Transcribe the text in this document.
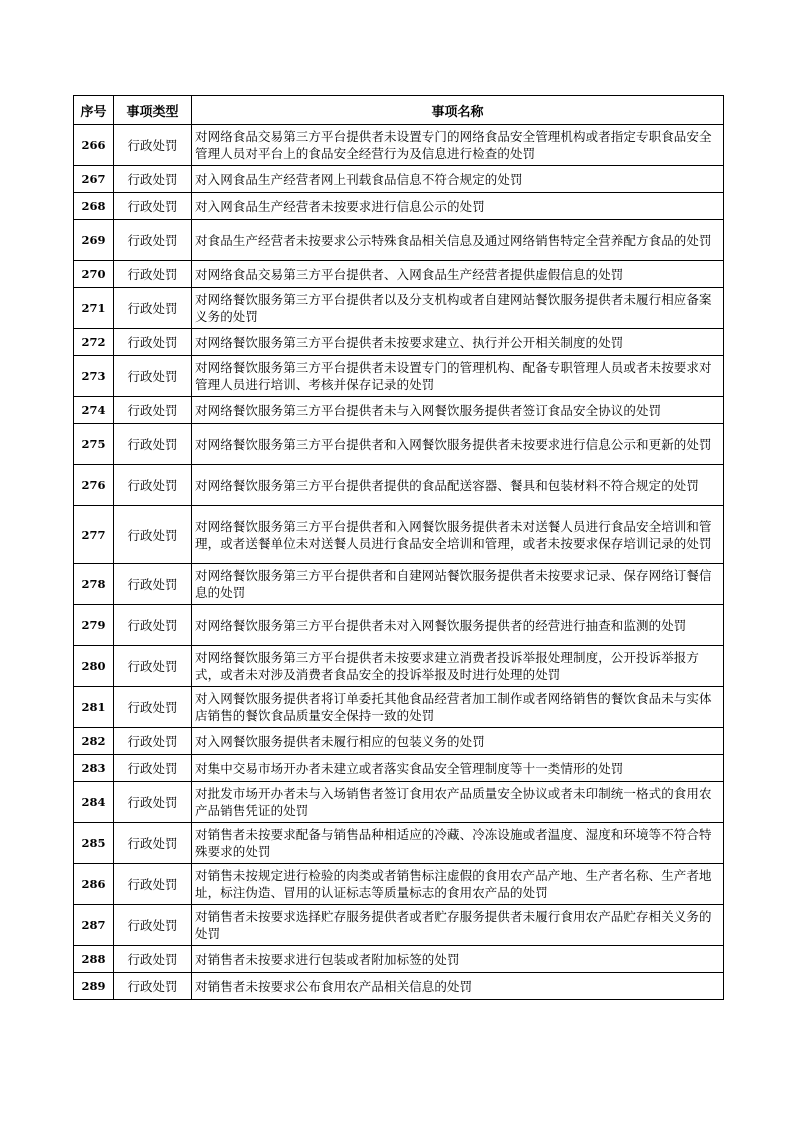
序号	事项类型	事项名称
266	行政处罚	对网络食品交易第三方平台提供者未设置专门的网络食品安全管理机构或者指定专职食品安全管理人员对平台上的食品安全经营行为及信息进行检查的处罚
267	行政处罚	对入网食品生产经营者网上刊载食品信息不符合规定的处罚
268	行政处罚	对入网食品生产经营者未按要求进行信息公示的处罚
269	行政处罚	对食品生产经营者未按要求公示特殊食品相关信息及通过网络销售特定全营养配方食品的处罚
270	行政处罚	对网络食品交易第三方平台提供者、入网食品生产经营者提供虚假信息的处罚
271	行政处罚	对网络餐饮服务第三方平台提供者以及分支机构或者自建网站餐饮服务提供者未履行相应备案义务的处罚
272	行政处罚	对网络餐饮服务第三方平台提供者未按要求建立、执行并公开相关制度的处罚
273	行政处罚	对网络餐饮服务第三方平台提供者未设置专门的管理机构、配备专职管理人员或者未按要求对管理人员进行培训、考核并保存记录的处罚
274	行政处罚	对网络餐饮服务第三方平台提供者未与入网餐饮服务提供者签订食品安全协议的处罚
275	行政处罚	对网络餐饮服务第三方平台提供者和入网餐饮服务提供者未按要求进行信息公示和更新的处罚
276	行政处罚	对网络餐饮服务第三方平台提供者提供的食品配送容器、餐具和包装材料不符合规定的处罚
277	行政处罚	对网络餐饮服务第三方平台提供者和入网餐饮服务提供者未对送餐人员进行食品安全培训和管理，或者送餐单位未对送餐人员进行食品安全培训和管理，或者未按要求保存培训记录的处罚
278	行政处罚	对网络餐饮服务第三方平台提供者和自建网站餐饮服务提供者未按要求记录、保存网络订餐信息的处罚
279	行政处罚	对网络餐饮服务第三方平台提供者未对入网餐饮服务提供者的经营进行抽查和监测的处罚
280	行政处罚	对网络餐饮服务第三方平台提供者未按要求建立消费者投诉举报处理制度，公开投诉举报方式，或者未对涉及消费者食品安全的投诉举报及时进行处理的处罚
281	行政处罚	对入网餐饮服务提供者将订单委托其他食品经营者加工制作或者网络销售的餐饮食品未与实体店销售的餐饮食品质量安全保持一致的处罚
282	行政处罚	对入网餐饮服务提供者未履行相应的包装义务的处罚
283	行政处罚	对集中交易市场开办者未建立或者落实食品安全管理制度等十一类情形的处罚
284	行政处罚	对批发市场开办者未与入场销售者签订食用农产品质量安全协议或者未印制统一格式的食用农产品销售凭证的处罚
285	行政处罚	对销售者未按要求配备与销售品种相适应的冷藏、冷冻设施或者温度、湿度和环境等不符合特殊要求的处罚
286	行政处罚	对销售未按规定进行检验的肉类或者销售标注虚假的食用农产品产地、生产者名称、生产者地址，标注伪造、冒用的认证标志等质量标志的食用农产品的处罚
287	行政处罚	对销售者未按要求选择贮存服务提供者或者贮存服务提供者未履行食用农产品贮存相关义务的处罚
288	行政处罚	对销售者未按要求进行包装或者附加标签的处罚
289	行政处罚	对销售者未按要求公布食用农产品相关信息的处罚
